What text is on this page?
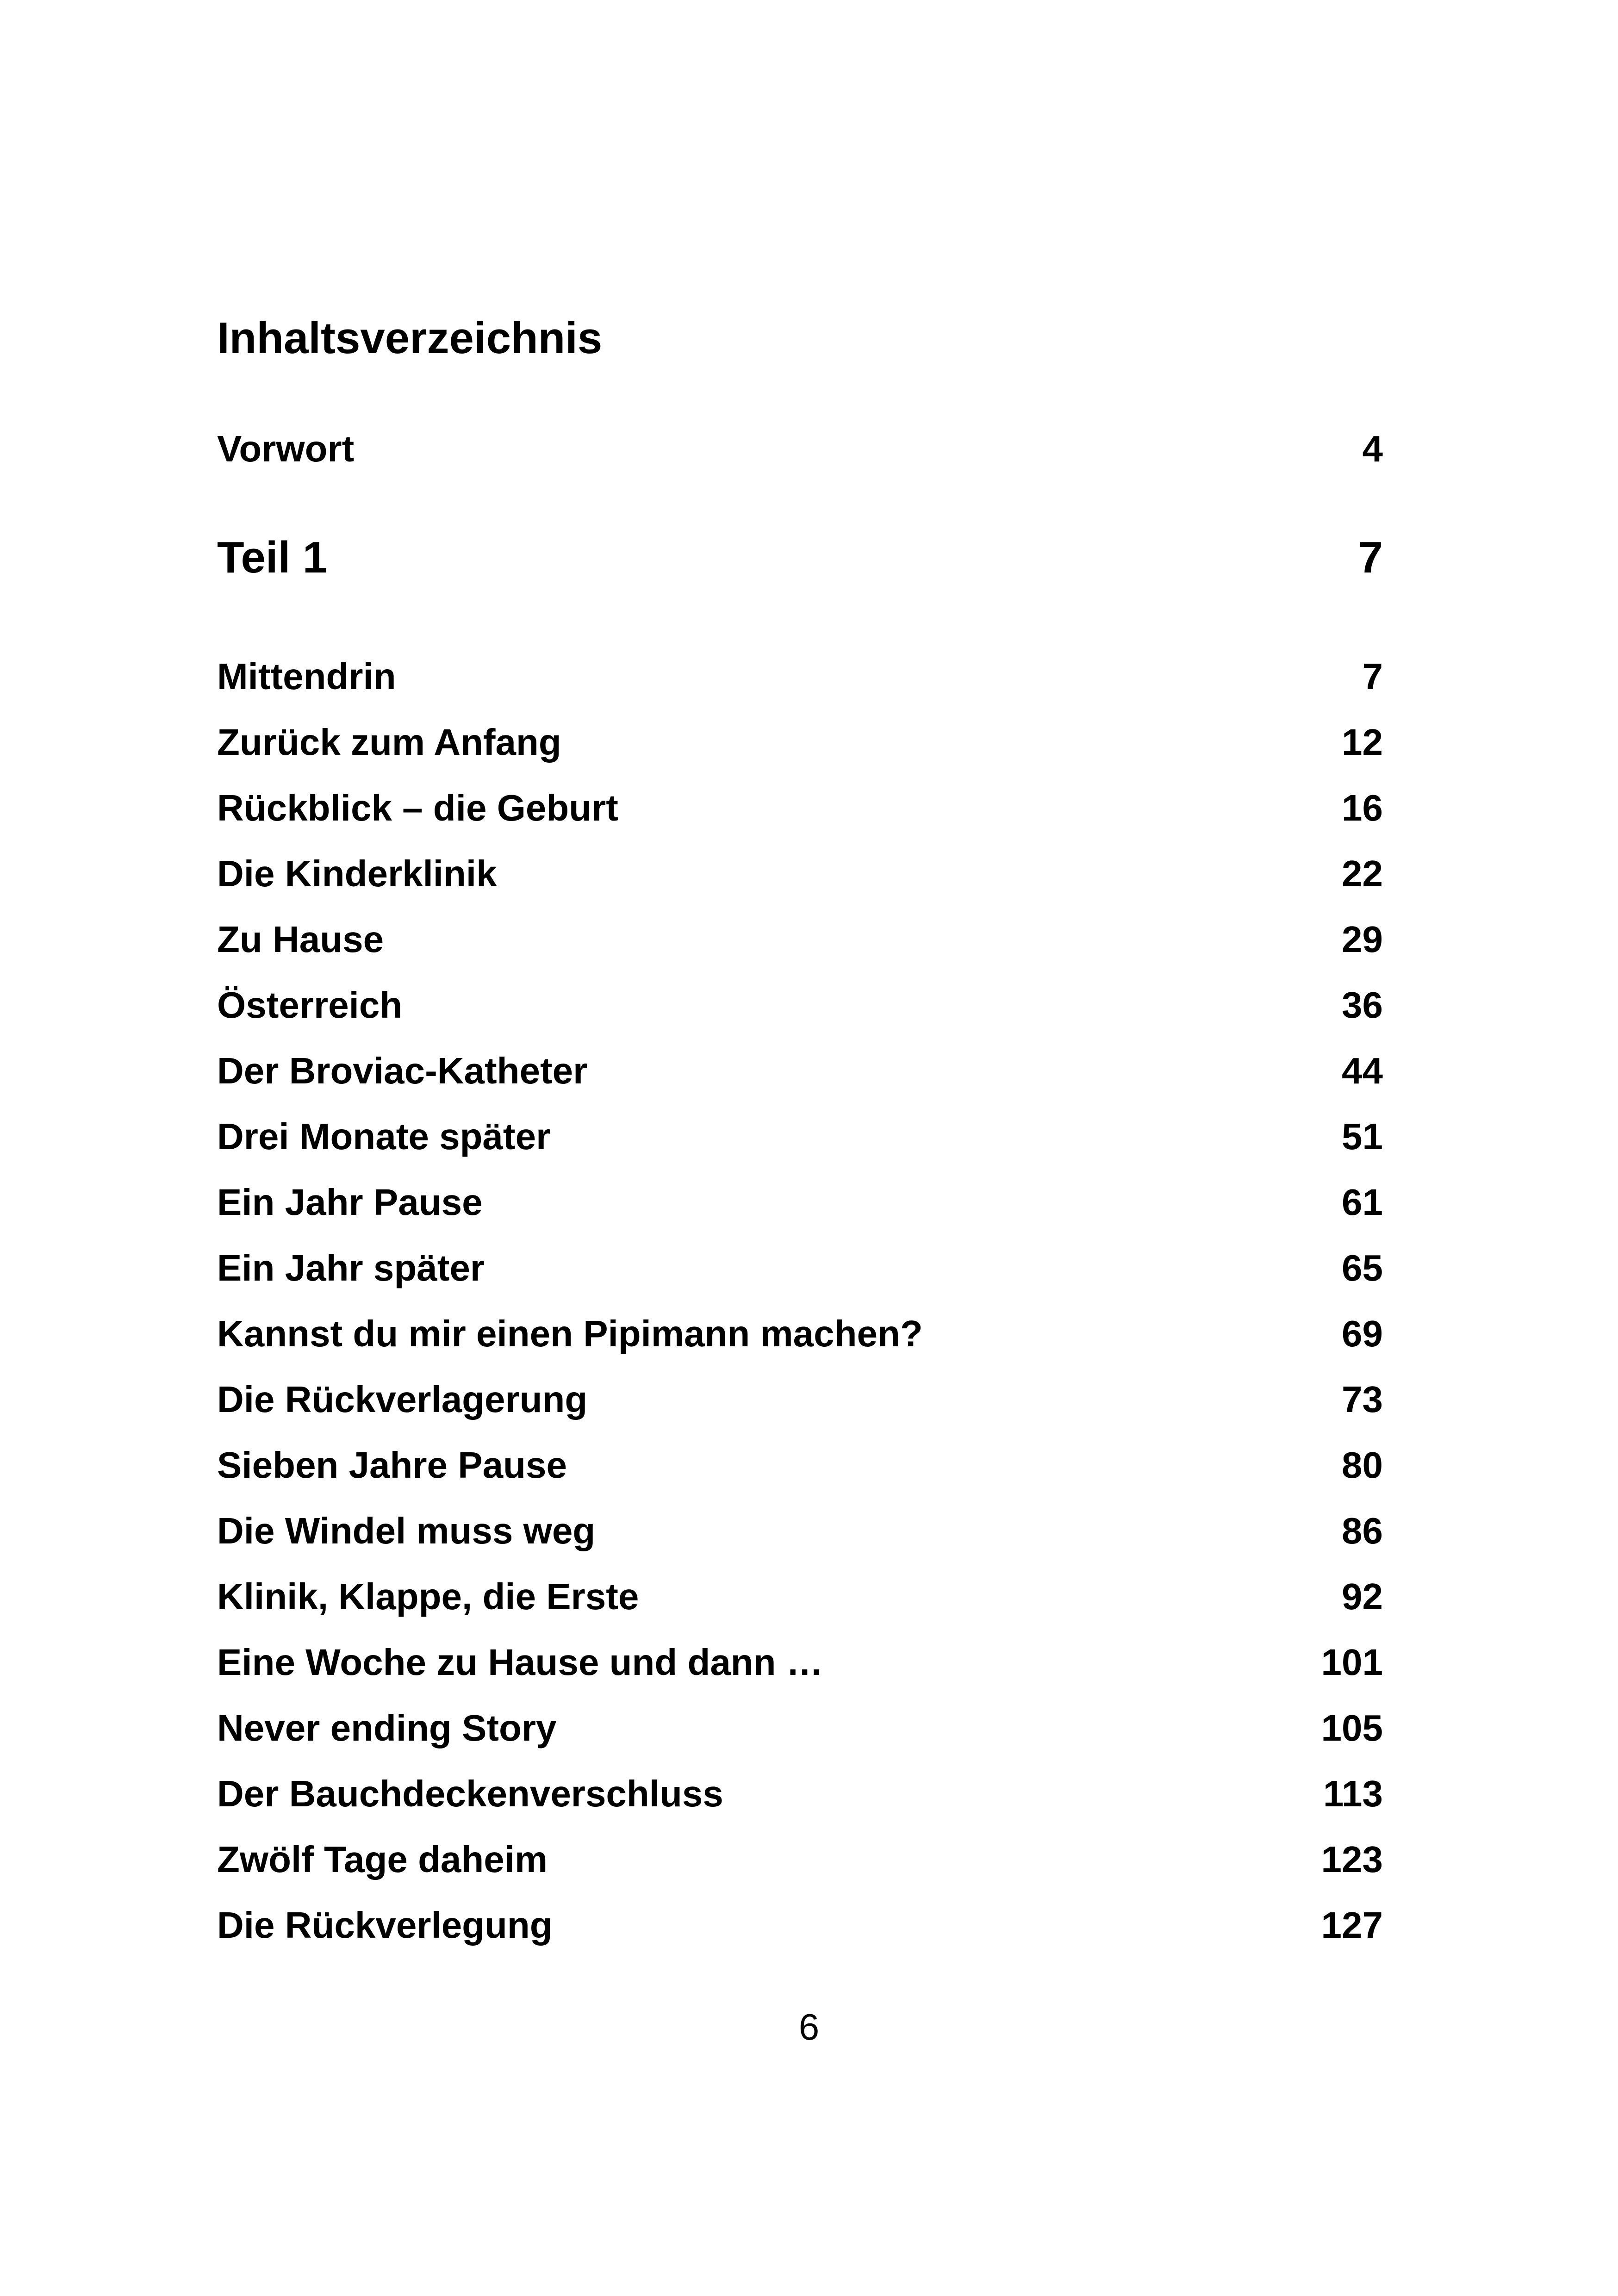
Inhaltsverzeichnis
Vorwort	4
Teil 1	7
Mittendrin	7
Zurück zum Anfang	12
Rückblick – die Geburt	16
Die Kinderklinik	22
Zu Hause	29
Österreich	36
Der Broviac-Katheter	44
Drei Monate später	51
Ein Jahr Pause	61
Ein Jahr später	65
Kannst du mir einen Pipimann machen?	69
Die Rückverlagerung	73
Sieben Jahre Pause	80
Die Windel muss weg	86
Klinik, Klappe, die Erste	92
Eine Woche zu Hause und dann …	101
Never ending Story	105
Der Bauchdeckenverschluss	113
Zwölf Tage daheim	123
Die Rückverlegung	127
6
